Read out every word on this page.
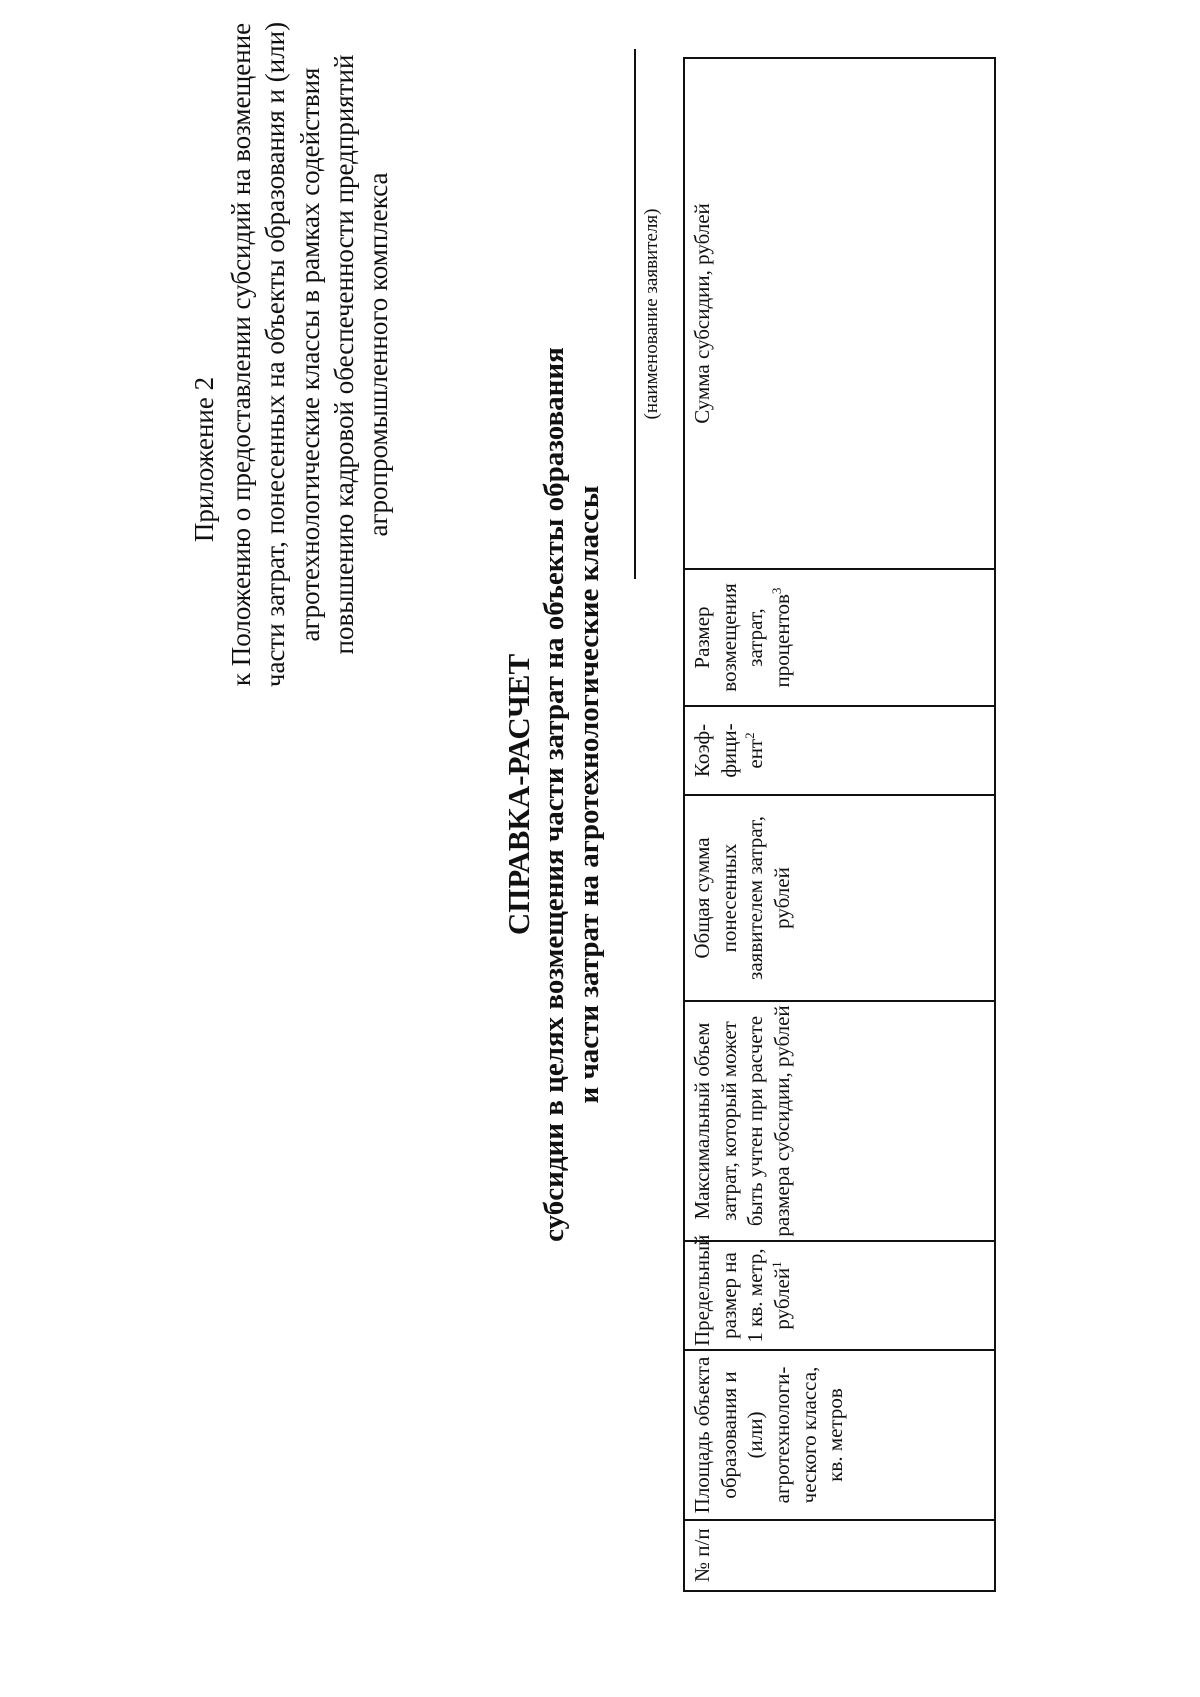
Приложение 2 к Положению о предоставлении субсидий на возмещение части затрат, понесенных на объекты образования и (или) агротехнологические классы в рамках содействия повышению кадровой обеспеченности предприятий агропромышленного комплекса
СПРАВКА-РАСЧЕТ субсидии в целях возмещения части затрат на объекты образования и части затрат на агротехнологические классы
(наименование заявителя)
№ п/п	Площадь объекта образования и (или) агротехнологи- ческого класса, кв. метров	Предельный размер на 1 кв. метр, рублей$^1$	Максимальный объем затрат, который может быть учтен при расчете размера субсидии, рублей	Общая сумма понесенных заявителем затрат, рублей	Коэф- фици- ент$^2$	Размер возмещения затрат, процентов$^3$	Сумма субсидии, рублей
